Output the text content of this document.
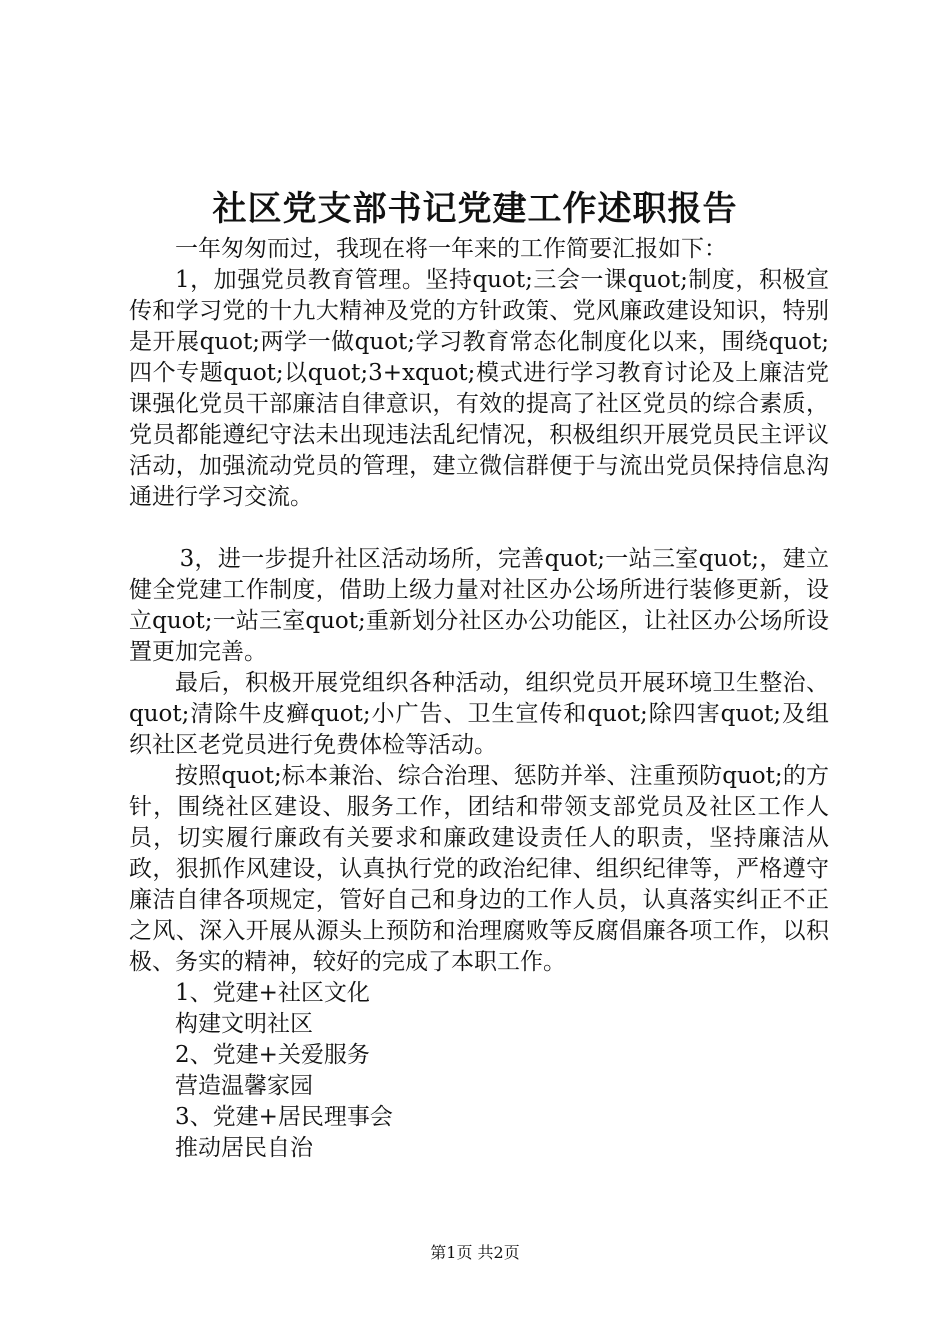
社区党支部书记党建工作述职报告

一年匆匆而过，我现在将一年来的工作简要汇报如下：

1，加强党员教育管理。坚持quot;三会一课quot;制度，积极宣传和学习党的十九大精神及党的方针政策、党风廉政建设知识，特别是开展quot;两学一做quot;学习教育常态化制度化以来，围绕quot;四个专题quot;以quot;3+xquot;模式进行学习教育讨论及上廉洁党课强化党员干部廉洁自律意识，有效的提高了社区党员的综合素质，党员都能遵纪守法未出现违法乱纪情况，积极组织开展党员民主评议活动，加强流动党员的管理，建立微信群便于与流出党员保持信息沟通进行学习交流。

3，进一步提升社区活动场所，完善quot;一站三室quot;，建立健全党建工作制度，借助上级力量对社区办公场所进行装修更新，设立quot;一站三室quot;重新划分社区办公功能区，让社区办公场所设置更加完善。

最后，积极开展党组织各种活动，组织党员开展环境卫生整治、quot;清除牛皮癣quot;小广告、卫生宣传和quot;除四害quot;及组织社区老党员进行免费体检等活动。

按照quot;标本兼治、综合治理、惩防并举、注重预防quot;的方针，围绕社区建设、服务工作，团结和带领支部党员及社区工作人员，切实履行廉政有关要求和廉政建设责任人的职责，坚持廉洁从政，狠抓作风建设，认真执行党的政治纪律、组织纪律等，严格遵守廉洁自律各项规定，管好自己和身边的工作人员，认真落实纠正不正之风、深入开展从源头上预防和治理腐败等反腐倡廉各项工作，以积极、务实的精神，较好的完成了本职工作。

1、党建+社区文化

构建文明社区

2、党建+关爱服务

营造温馨家园

3、党建+居民理事会

推动居民自治

第1页 共2页
